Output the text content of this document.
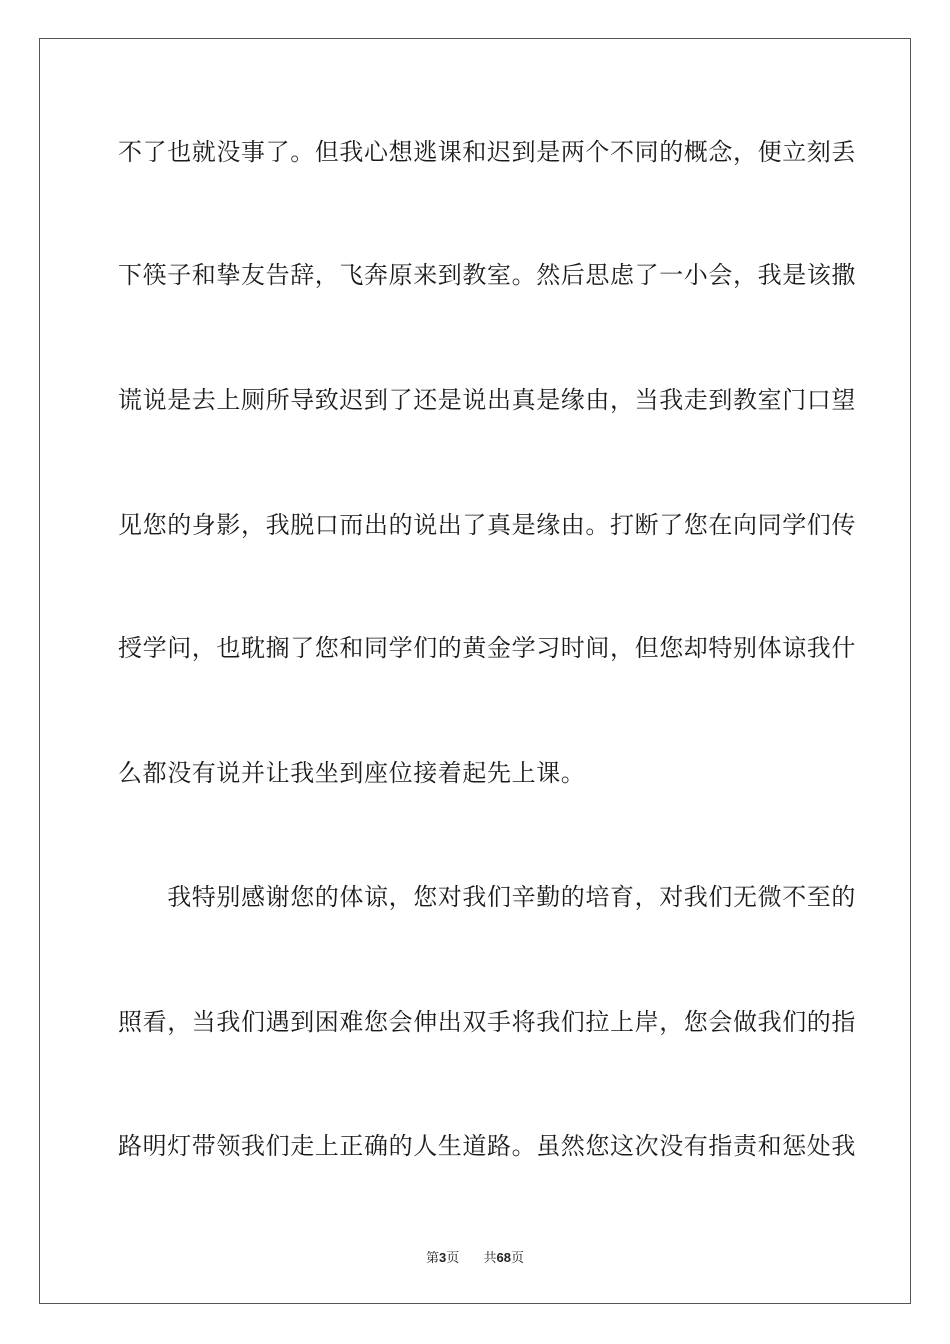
不了也就没事了。但我心想逃课和迟到是两个不同的概念，便立刻丢
下筷子和挚友告辞，飞奔原来到教室。然后思虑了一小会，我是该撒
谎说是去上厕所导致迟到了还是说出真是缘由，当我走到教室门口望
见您的身影，我脱口而出的说出了真是缘由。打断了您在向同学们传
授学问，也耽搁了您和同学们的黄金学习时间，但您却特别体谅我什
么都没有说并让我坐到座位接着起先上课。
　　我特别感谢您的体谅，您对我们辛勤的培育，对我们无微不至的
照看，当我们遇到困难您会伸出双手将我们拉上岸，您会做我们的指
路明灯带领我们走上正确的人生道路。虽然您这次没有指责和惩处我
第3页 共68页
